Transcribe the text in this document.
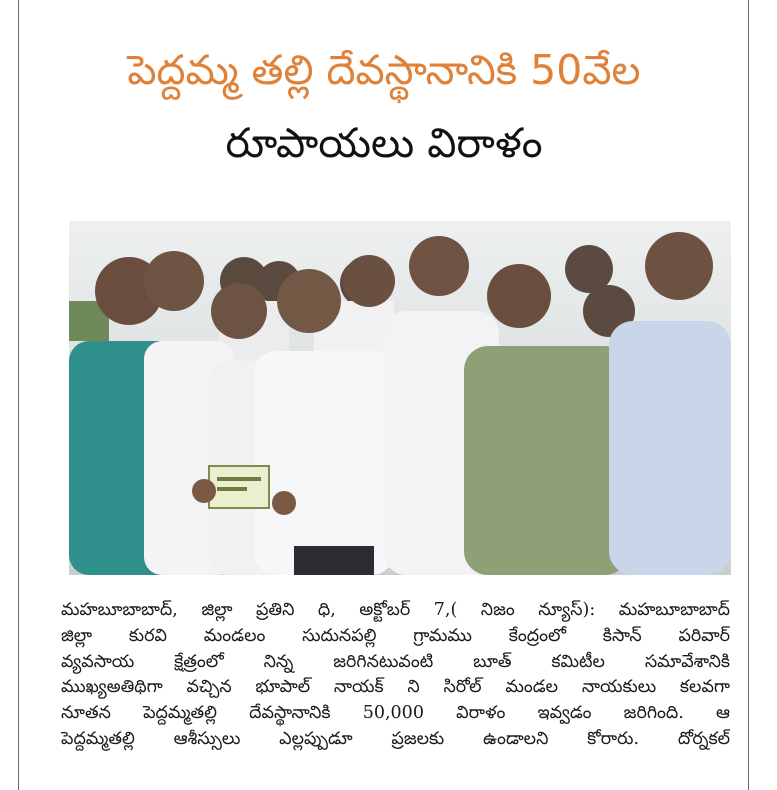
పెద్దమ్మ తల్లి దేవస్థానానికి 50వేల
రూపాయలు విరాళం
మహబూబాబాద్, జిల్లా ప్రతిని ధి, అక్టోబర్ 7,( నిజం న్యూస్): మహబూబాబాద్
జిల్లా కురవి మండలం సుదునపల్లి గ్రామము కేంద్రంలో కిసాన్ పరివార్
వ్యవసాయ క్షేత్రంలో నిన్న జరిగినటువంటి బూత్ కమిటీల సమావేశానికి
ముఖ్యఅతిథిగా వచ్చిన భూపాల్ నాయక్ ని సిరోల్ మండల నాయకులు కలవగా
నూతన పెద్దమ్మతల్లి దేవస్థానానికి 50,000 విరాళం ఇవ్వడం జరిగింది. ఆ
పెద్దమ్మతల్లి ఆశీస్సులు ఎల్లప్పుడూ ప్రజలకు ఉండాలని కోరారు. దోర్నకల్
